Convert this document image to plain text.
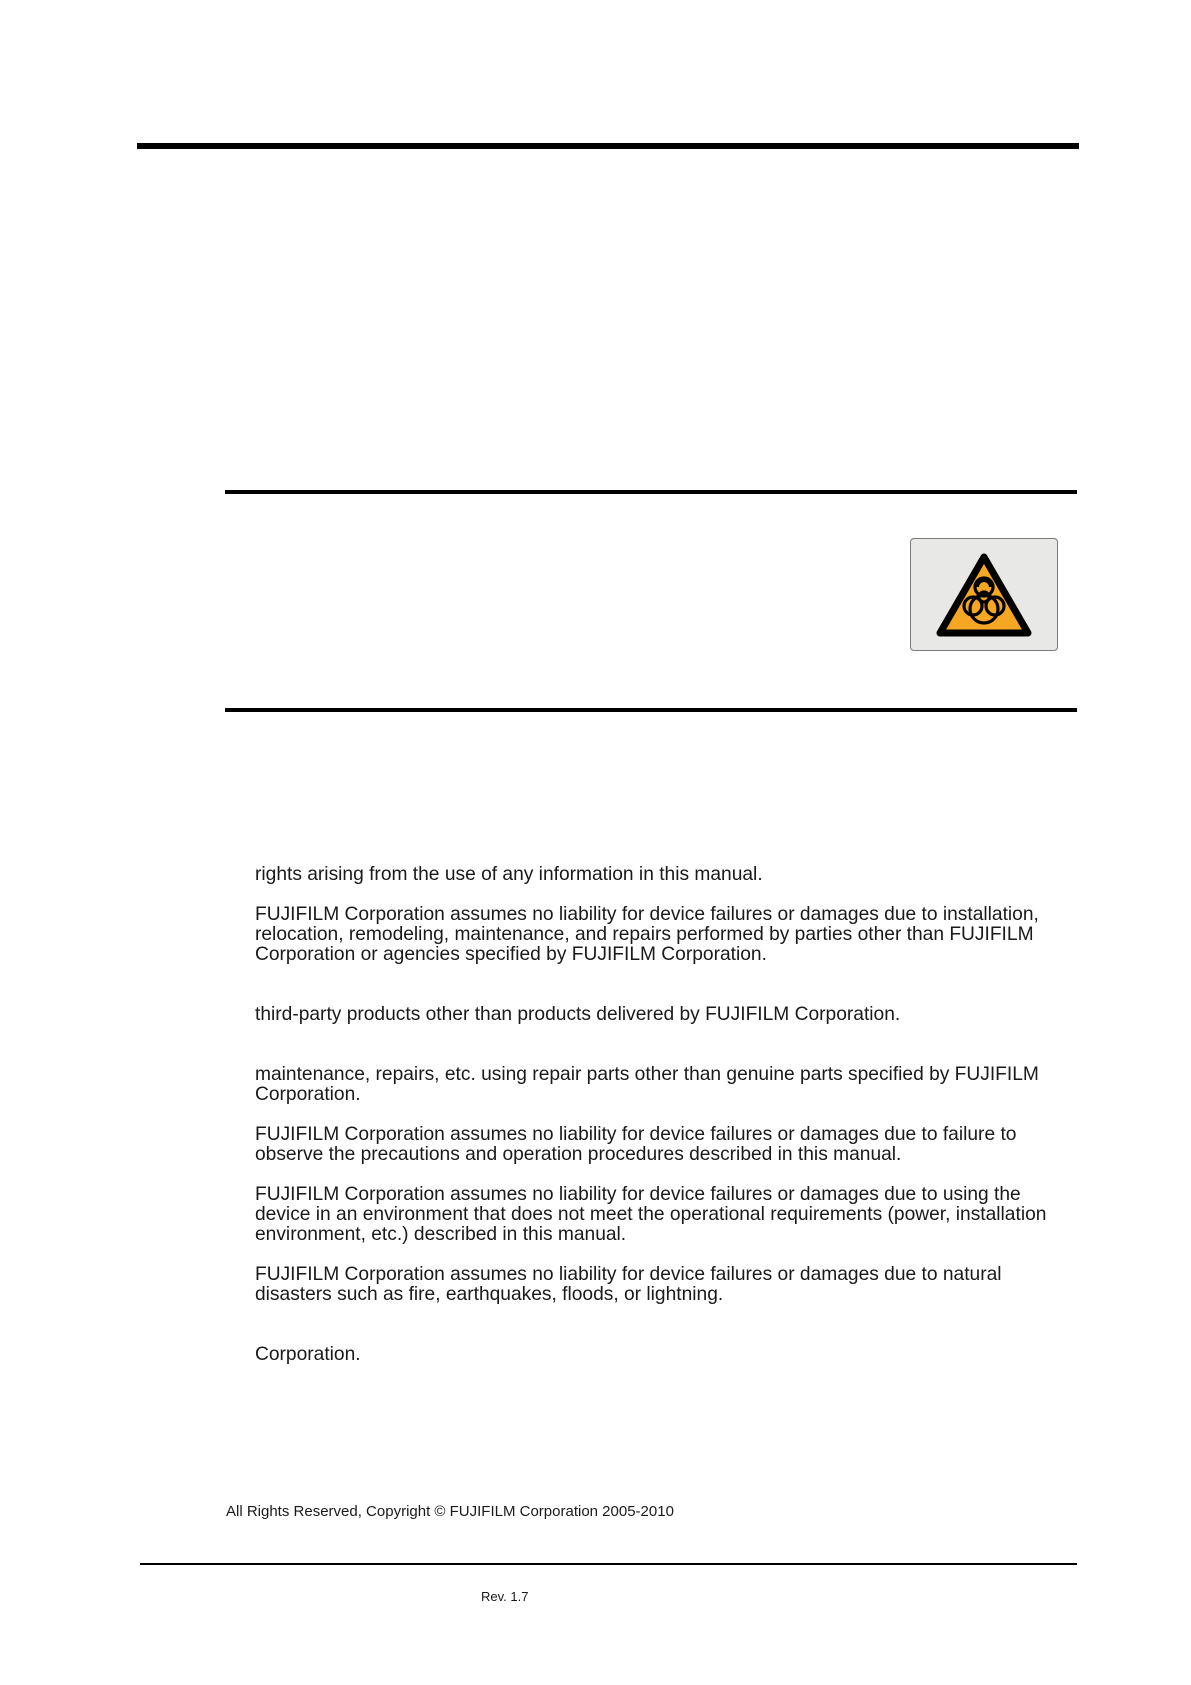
rights arising from the use of any information in this manual.
FUJIFILM Corporation assumes no liability for device failures or damages due to installation,
relocation, remodeling, maintenance, and repairs performed by parties other than FUJIFILM
Corporation or agencies specified by FUJIFILM Corporation.
third-party products other than products delivered by FUJIFILM Corporation.
maintenance, repairs, etc. using repair parts other than genuine parts specified by FUJIFILM
Corporation.
FUJIFILM Corporation assumes no liability for device failures or damages due to failure to
observe the precautions and operation procedures described in this manual.
FUJIFILM Corporation assumes no liability for device failures or damages due to using the
device in an environment that does not meet the operational requirements (power, installation
environment, etc.) described in this manual.
FUJIFILM Corporation assumes no liability for device failures or damages due to natural
disasters such as fire, earthquakes, floods, or lightning.
Corporation.
All Rights Reserved, Copyright © FUJIFILM Corporation 2005-2010
Rev. 1.7
